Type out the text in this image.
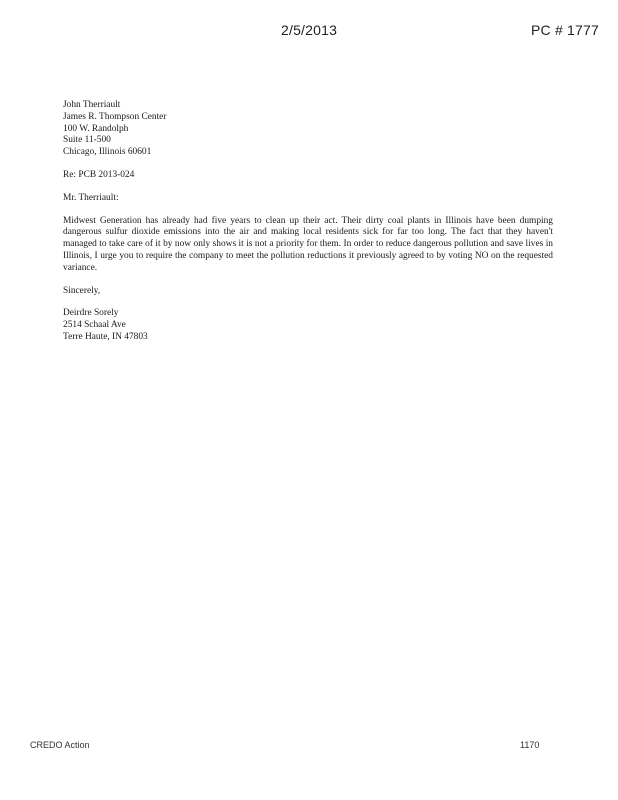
2/5/2013	PC # 1777
John Therriault
James R. Thompson Center
100 W. Randolph
Suite 11-500
Chicago, Illinois 60601
Re: PCB 2013-024
Mr. Therriault:
Midwest Generation has already had five years to clean up their act. Their dirty coal plants in Illinois have been dumping dangerous sulfur dioxide emissions into the air and making local residents sick for far too long. The fact that they haven't managed to take care of it by now only shows it is not a priority for them. In order to reduce dangerous pollution and save lives in Illinois, I urge you to require the company to meet the pollution reductions it previously agreed to by voting NO on the requested variance.
Sincerely,
Deirdre Sorely
2514 Schaal Ave
Terre Haute, IN 47803
CREDO Action	1170
